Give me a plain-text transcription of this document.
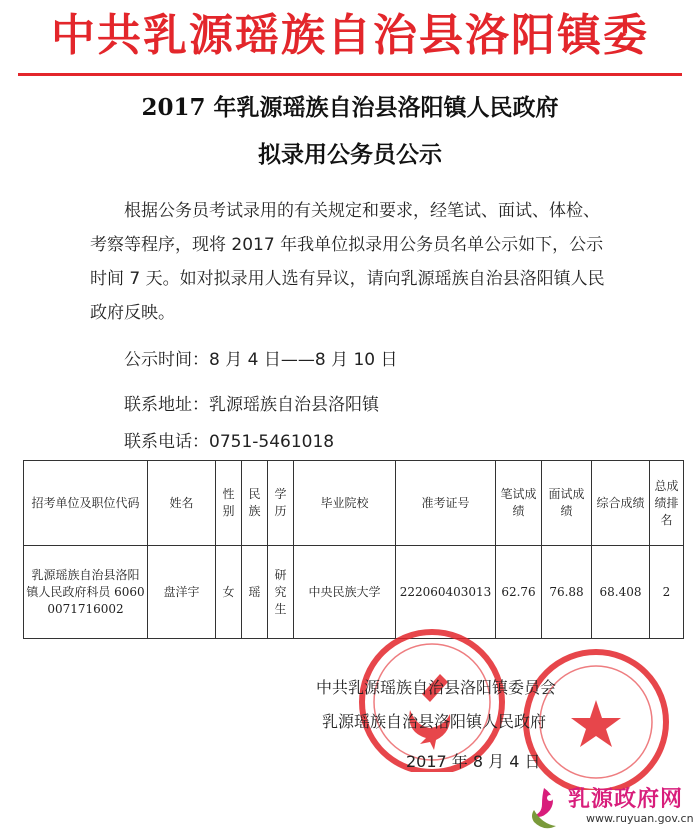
中共乳源瑶族自治县洛阳镇委
2017 年乳源瑶族自治县洛阳镇人民政府
拟录用公务员公示

根据公务员考试录用的有关规定和要求，经笔试、面试、体检、考察等程序，现将 2017 年我单位拟录用公务员名单公示如下，公示时间 7 天。如对拟录用人选有异议，请向乳源瑶族自治县洛阳镇人民政府反映。

公示时间：8 月 4 日——8 月 10 日
联系地址：乳源瑶族自治县洛阳镇
联系电话：0751-5461018
招考单位及职位代码	姓名	性别	民族	学历	毕业院校	准考证号	笔试成绩	面试成绩	综合成绩	总成绩排名
乳源瑶族自治县洛阳镇人民政府科员 60600071716002	盘洋宇	女	瑶	研究生	中央民族大学	222060403013	62.76	76.88	68.408	2
中共乳源瑶族自治县洛阳镇委员会
乳源瑶族自治县洛阳镇人民政府
2017 年 8 月 4 日
乳源政府网
www.ruyuan.gov.cn
